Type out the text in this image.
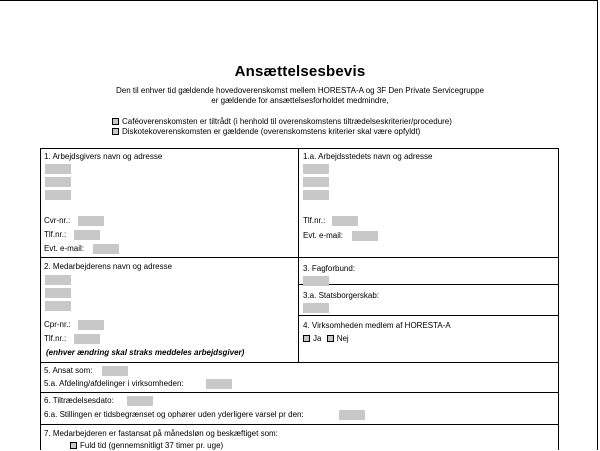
Ansættelsesbevis
Den til enhver tid gældende hovedoverenskomst mellem HORESTA-A og 3F Den Private Servicegruppe
er gældende for ansættelsesforholdet medmindre,
Caféoverenskomsten er tiltrådt (i henhold til overenskomstens tiltrædelseskriterier/procedure)
Diskotekoverenskomsten er gældende (overenskomstens kriterier skal være opfyldt)
1. Arbejdsgivers navn og adresse
Cvr-nr.:
Tlf.nr.:
Evt. e-mail:
1.a. Arbejdsstedets navn og adresse
Tlf.nr.:
Evt. e-mail:
2. Medarbejderens navn og adresse
Cpr-nr.:
Tlf.nr.:
(enhver ændring skal straks meddeles arbejdsgiver)
3. Fagforbund:
3.a. Statsborgerskab:
4. Virksomheden medlem af HORESTA-A
Ja Nej
5. Ansat som:
5.a. Afdeling/afdelinger i virksomheden:
6. Tiltrædelsesdato:
6.a. Stillingen er tidsbegrænset og ophører uden yderligere varsel pr den:
7. Medarbejderen er fastansat på månedsløn og beskæftiget som:
Fuld tid (gennemsnitligt 37 timer pr. uge)
